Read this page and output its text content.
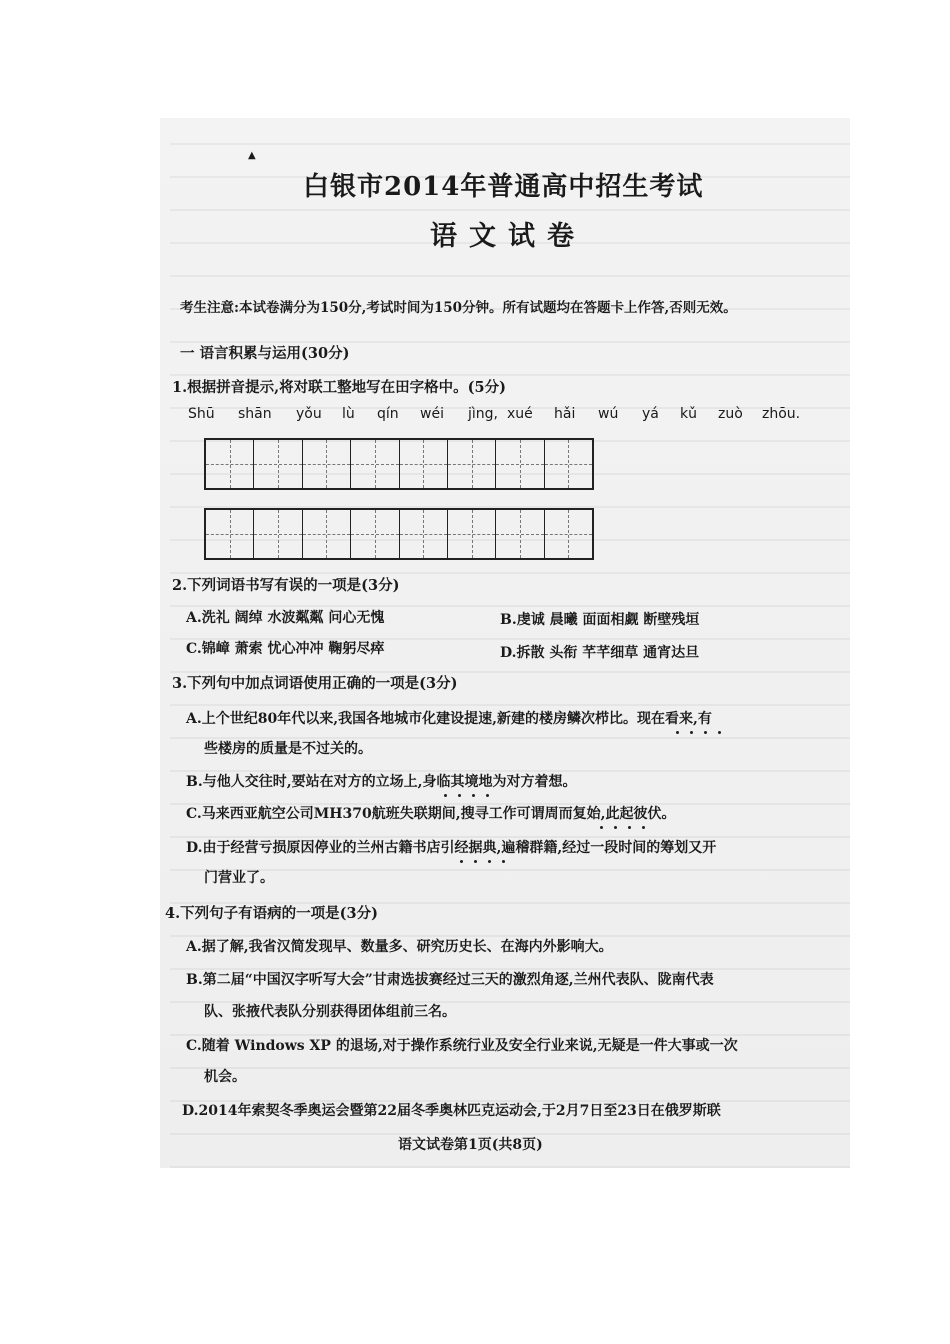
▲
白银市2014年普通高中招生考试
语文试卷
考生注意:本试卷满分为150分,考试时间为150分钟。所有试题均在答题卡上作答,否则无效。
一 语言积累与运用(30分)
1.根据拼音提示,将对联工整地写在田字格中。(5分)
Shū shān yǒu lù qín wéi jìng, xué hǎi wú yá kǔ zuò zhōu.
2.下列词语书写有误的一项是(3分)
A.洗礼 阔绰 水波粼粼 问心无愧	B.虔诚 晨曦 面面相觑 断壁残垣
C.锦嶂 萧索 忧心冲冲 鞠躬尽瘁	D.拆散 头衔 芊芊细草 通宵达旦
3.下列句中加点词语使用正确的一项是(3分)
A.上个世纪80年代以来,我国各地城市化建设提速,新建的楼房鳞次栉比。现在看来,有
些楼房的质量是不过关的。
B.与他人交往时,要站在对方的立场上,身临其境地为对方着想。
C.马来西亚航空公司MH370航班失联期间,搜寻工作可谓周而复始,此起彼伏。
D.由于经营亏损原因停业的兰州古籍书店引经据典,遍稽群籍,经过一段时间的筹划又开
门营业了。
4.下列句子有语病的一项是(3分)
A.据了解,我省汉简发现早、数量多、研究历史长、在海内外影响大。
B.第二届“中国汉字听写大会”甘肃选拔赛经过三天的激烈角逐,兰州代表队、陇南代表
队、张掖代表队分别获得团体组前三名。
C.随着 Windows XP 的退场,对于操作系统行业及安全行业来说,无疑是一件大事或一次
机会。
D.2014年索契冬季奥运会暨第22届冬季奥林匹克运动会,于2月7日至23日在俄罗斯联
语文试卷第1页(共8页)
